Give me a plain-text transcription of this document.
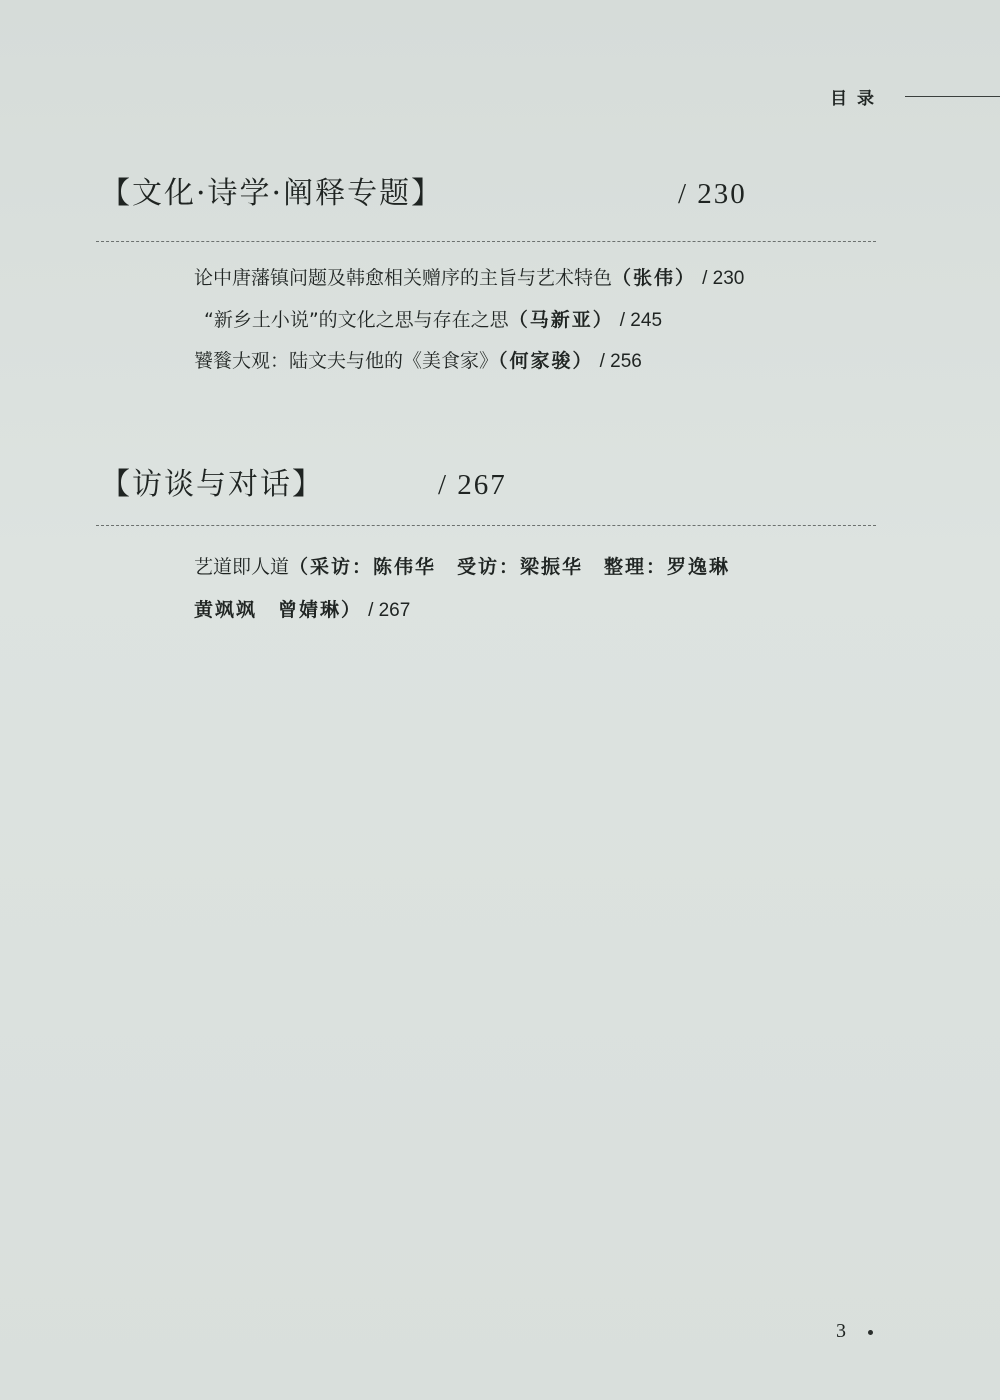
目 录
【文化·诗学·阐释专题】	/ 230
论中唐藩镇问题及韩愈相关赠序的主旨与艺术特色（张伟） / 230
“新乡土小说”的文化之思与存在之思（马新亚） / 245
饕餮大观：陆文夫与他的《美食家》（何家骏） / 256
【访谈与对话】	/ 267
艺道即人道（采访：陈伟华　受访：梁振华　整理：罗逸琳
黄飒飒　曾婧琳） / 267
3
